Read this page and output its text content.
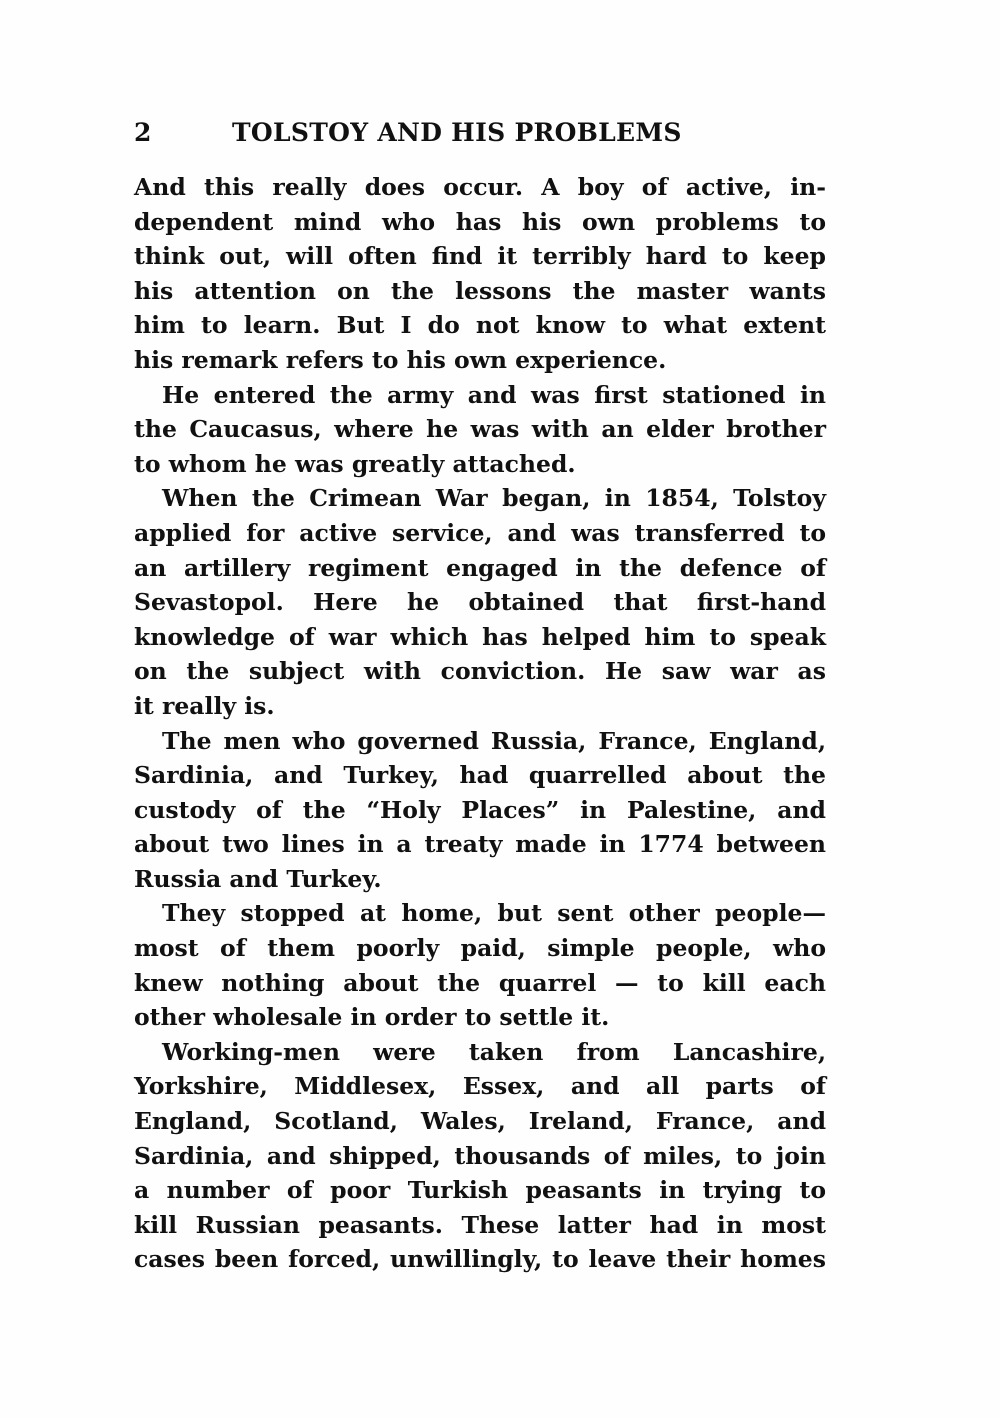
2	TOLSTOY AND HIS PROBLEMS
And this really does occur. A boy of active, in-
dependent mind who has his own problems to
think out, will often find it terribly hard to keep
his attention on the lessons the master wants
him to learn. But I do not know to what extent
his remark refers to his own experience.
He entered the army and was first stationed in
the Caucasus, where he was with an elder brother
to whom he was greatly attached.
When the Crimean War began, in 1854, Tolstoy
applied for active service, and was transferred to
an artillery regiment engaged in the defence of
Sevastopol. Here he obtained that first-hand
knowledge of war which has helped him to speak
on the subject with conviction. He saw war as
it really is.
The men who governed Russia, France, England,
Sardinia, and Turkey, had quarrelled about the
custody of the “Holy Places” in Palestine, and
about two lines in a treaty made in 1774 between
Russia and Turkey.
They stopped at home, but sent other people—
most of them poorly paid, simple people, who
knew nothing about the quarrel — to kill each
other wholesale in order to settle it.
Working-men were taken from Lancashire,
Yorkshire, Middlesex, Essex, and all parts of
England, Scotland, Wales, Ireland, France, and
Sardinia, and shipped, thousands of miles, to join
a number of poor Turkish peasants in trying to
kill Russian peasants. These latter had in most
cases been forced, unwillingly, to leave their homes
